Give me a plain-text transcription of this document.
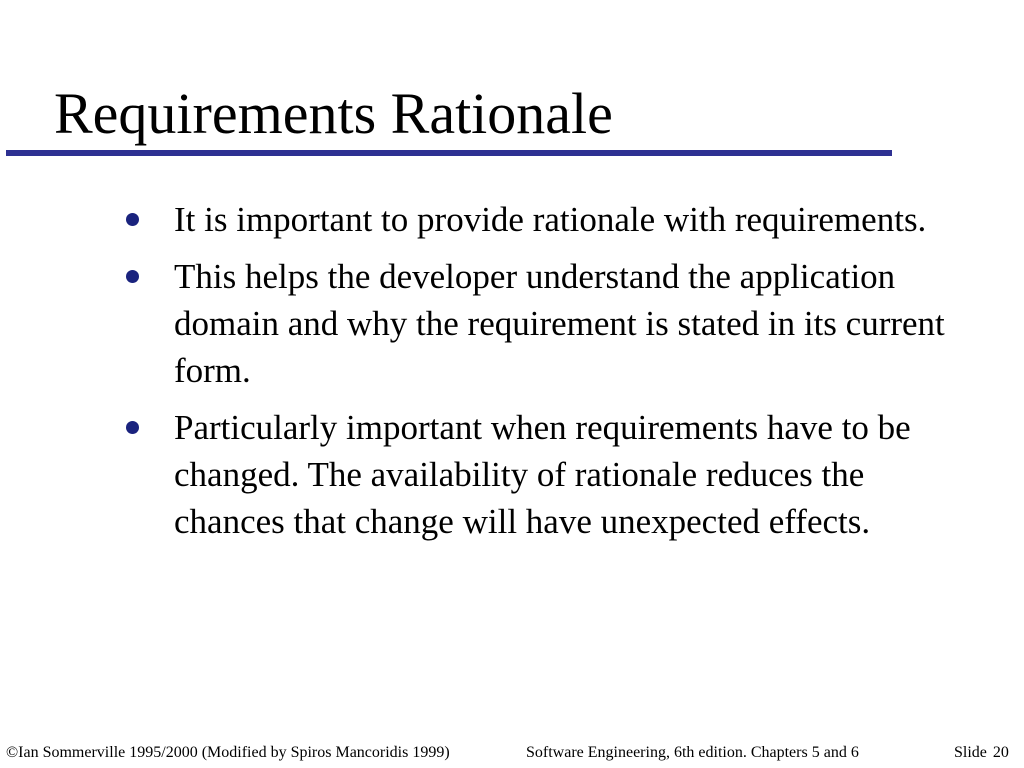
Requirements Rationale
It is important to provide rationale with requirements.
This helps the developer understand the application domain and why the requirement is stated in its current form.
Particularly important when requirements have to be changed. The availability of rationale reduces the chances that change will have unexpected effects.
©Ian Sommerville 1995/2000 (Modified by Spiros Mancoridis 1999)	Software Engineering, 6th edition. Chapters 5 and 6	Slide 20
